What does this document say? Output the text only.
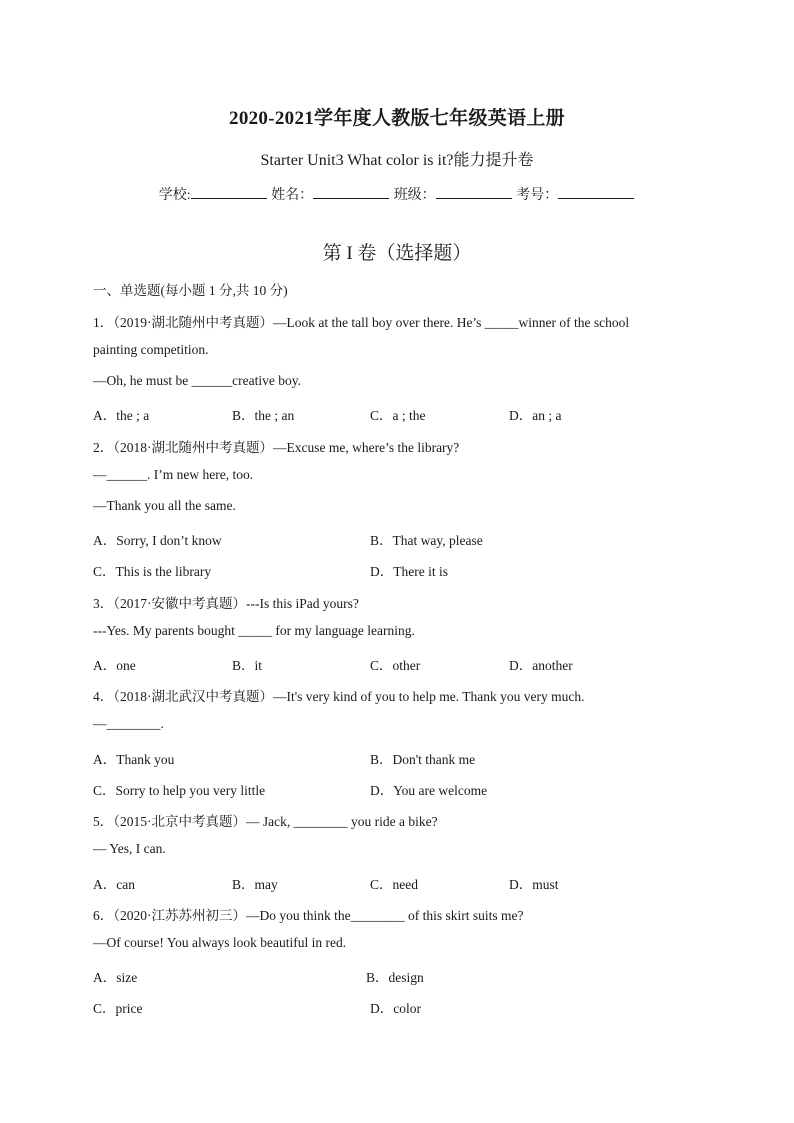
2020-2021学年度人教版七年级英语上册
Starter Unit3 What color is it?能力提升卷
学校:	姓名：	班级：	考号：
第 I 卷（选择题）
一、单选题(每小题 1 分,共 10 分)
1．（2019·湖北随州中考真题）—Look at the tall boy over there. He’s _____winner of the school
painting competition.
—Oh, he must be ______creative boy.
A．the ; a	B．the ; an	C．a ; the	D．an ; a
2．（2018·湖北随州中考真题）—Excuse me, where’s the library?
—______. I’m new here, too.
—Thank you all the same.
A．Sorry, I don’t know	B．That way, please
C．This is the library	D．There it is
3．（2017·安徽中考真题）---Is this iPad yours?
---Yes. My parents bought _____ for my language learning.
A．one	B．it	C．other	D．another
4．（2018·湖北武汉中考真题）—It's very kind of you to help me. Thank you very much.
—________.
A．Thank you	B．Don't thank me
C．Sorry to help you very little	D．You are welcome
5．（2015·北京中考真题）— Jack, ________ you ride a bike?
— Yes, I can.
A．can	B．may	C．need	D．must
6．（2020·江苏苏州初三）—Do you think the________ of this skirt suits me?
—Of course! You always look beautiful in red.
A．size	B．design
C．price	D．color
